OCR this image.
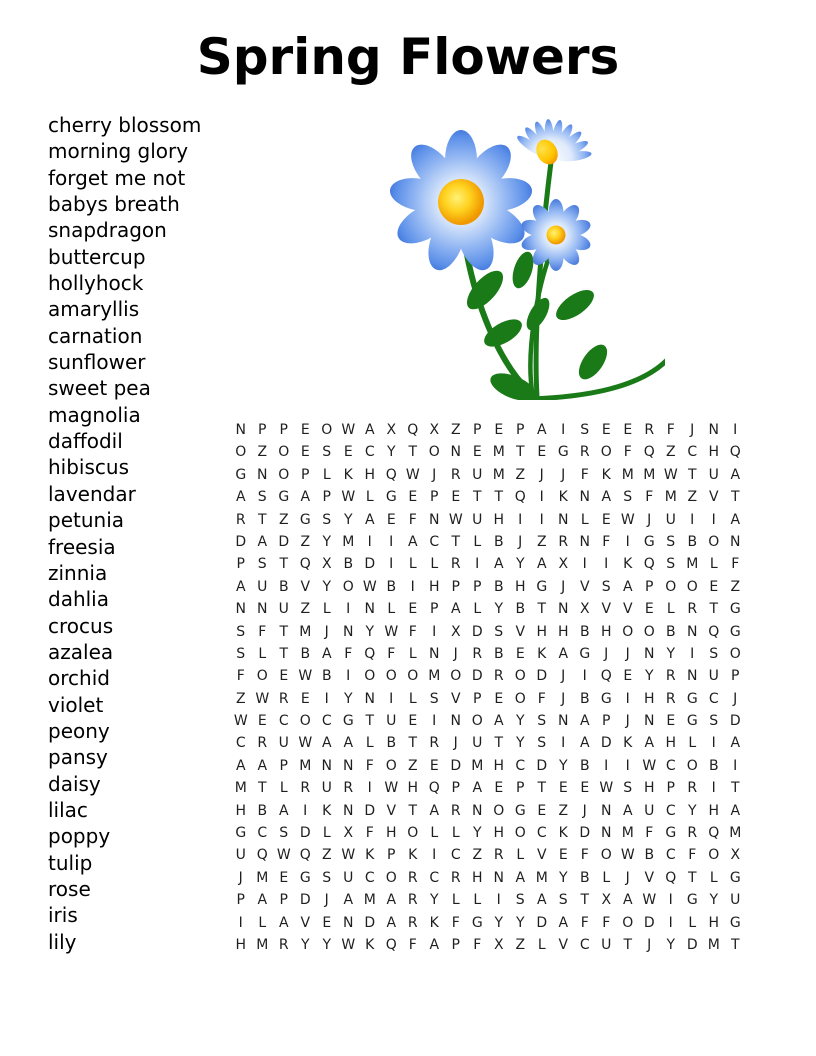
Spring Flowers
cherry blossom
morning glory
forget me not
babys breath
snapdragon
buttercup
hollyhock
amaryllis
carnation
sunflower
sweet pea
magnolia
daffodil
hibiscus
lavendar
petunia
freesia
zinnia
dahlia
crocus
azalea
orchid
violet
peony
pansy
daisy
lilac
poppy
tulip
rose
iris
lily
N P P E O W A X Q X Z P E P A I S E E R F J N I
O Z O E S E C Y T O N E M T E G R O F Q Z C H Q
G N O P L K H Q W J R U M Z J J F K M M W T U A
A S G A P W L G E P E T T Q I K N A S F M Z V T
R T Z G S Y A E F N W U H I I N L E W J U I I A
D A D Z Y M I I A C T L B J Z R N F I G S B O N
P S T Q X B D I L L R I A Y A X I I K Q S M L F
A U B V Y O W B I H P P B H G J V S A P O O E Z
N N U Z L I N L E P A L Y B T N X V V E L R T G
S F T M J N Y W F I X D S V H H B H O O B N Q G
S L T B A F Q F L N J R B E K A G J J N Y I S O
F O E W B I O O O M O D R O D J I Q E Y R N U P
Z W R E I Y N I L S V P E O F J B G I H R G C J
W E C O C G T U E I N O A Y S N A P J N E G S D
C R U W A A L B T R J U T Y S I A D K A H L I A
A A P M N N F O Z E D M H C D Y B I I W C O B I
M T L R U R I W H Q P A E P T E E W S H P R I T
H B A I K N D V T A R N O G E Z J N A U C Y H A
G C S D L X F H O L L Y H O C K D N M F G R Q M
U Q W Q Z W K P K I C Z R L V E F O W B C F O X
J M E G S U C O R C R H N A M Y B L J V Q T L G
P A P D J A M A R Y L L I S A S T X A W I G Y U
I L A V E N D A R K F G Y Y D A F F O D I L H G
H M R Y Y W K Q F A P F X Z L V C U T J Y D M T
